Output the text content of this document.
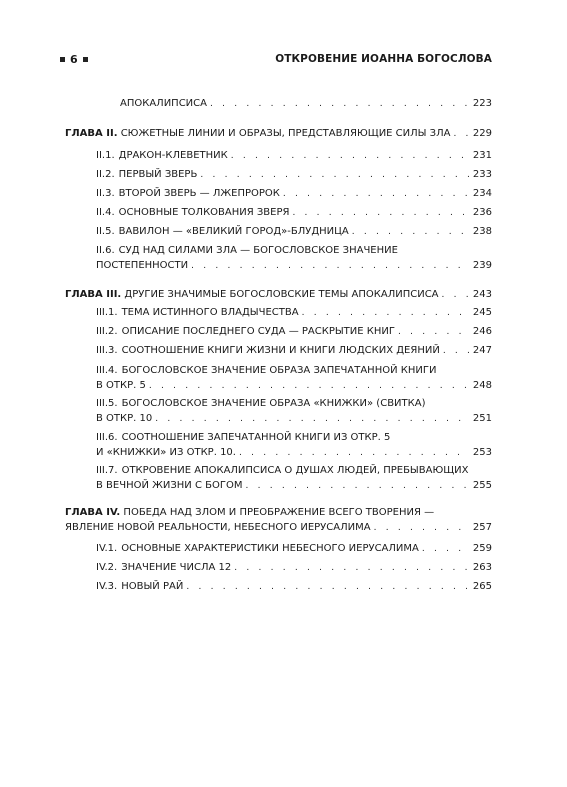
6	ОТКРОВЕНИЕ ИОАННА БОГОСЛОВА
АПОКАЛИПСИСА . . .	223
ГЛАВА II. СЮЖЕТНЫЕ ЛИНИИ И ОБРАЗЫ, ПРЕДСТАВЛЯЮЩИЕ СИЛЫ ЗЛА . . . 229
II.1. ДРАКОН-КЛЕВЕТНИК . . .	231
II.2. ПЕРВЫЙ ЗВЕРЬ . . .	233
II.3. ВТОРОЙ ЗВЕРЬ — ЛЖЕПРОРОК . . .	234
II.4. ОСНОВНЫЕ ТОЛКОВАНИЯ ЗВЕРЯ . . .	236
II.5. ВАВИЛОН — «ВЕЛИКИЙ ГОРОД»-БЛУДНИЦА . . .	238
II.6. СУД НАД СИЛАМИ ЗЛА — БОГОСЛОВСКОЕ ЗНАЧЕНИЕ
ПОСТЕПЕННОСТИ . . .	239
ГЛАВА III. ДРУГИЕ ЗНАЧИМЫЕ БОГОСЛОВСКИЕ ТЕМЫ АПОКАЛИПСИСА . . .	243
III.1. ТЕМА ИСТИННОГО ВЛАДЫЧЕСТВА . . .	245
III.2. ОПИСАНИЕ ПОСЛЕДНЕГО СУДА — РАСКРЫТИЕ КНИГ . . .	246
III.3. СООТНОШЕНИЕ КНИГИ ЖИЗНИ И КНИГИ ЛЮДСКИХ ДЕЯНИЙ . . .	247
III.4. БОГОСЛОВСКОЕ ЗНАЧЕНИЕ ОБРАЗА ЗАПЕЧАТАННОЙ КНИГИ
В ОТКР. 5 . . .	248
III.5. БОГОСЛОВСКОЕ ЗНАЧЕНИЕ ОБРАЗА «КНИЖКИ» (СВИТКА)
В ОТКР. 10 . . .	251
III.6. СООТНОШЕНИЕ ЗАПЕЧАТАННОЙ КНИГИ ИЗ ОТКР. 5
И «КНИЖКИ» ИЗ ОТКР. 10. . . .	253
III.7. ОТКРОВЕНИЕ АПОКАЛИПСИСА О ДУШАХ ЛЮДЕЙ, ПРЕБЫВАЮЩИХ
В ВЕЧНОЙ ЖИЗНИ С БОГОМ . . .	255
ГЛАВА IV. ПОБЕДА НАД ЗЛОМ И ПРЕОБРАЖЕНИЕ ВСЕГО ТВОРЕНИЯ —
ЯВЛЕНИЕ НОВОЙ РЕАЛЬНОСТИ, НЕБЕСНОГО ИЕРУСАЛИМА . . .	257
IV.1. ОСНОВНЫЕ ХАРАКТЕРИСТИКИ НЕБЕСНОГО ИЕРУСАЛИМА . . .	259
IV.2. ЗНАЧЕНИЕ ЧИСЛА 12 . . .	263
IV.3. НОВЫЙ РАЙ . . .	265
